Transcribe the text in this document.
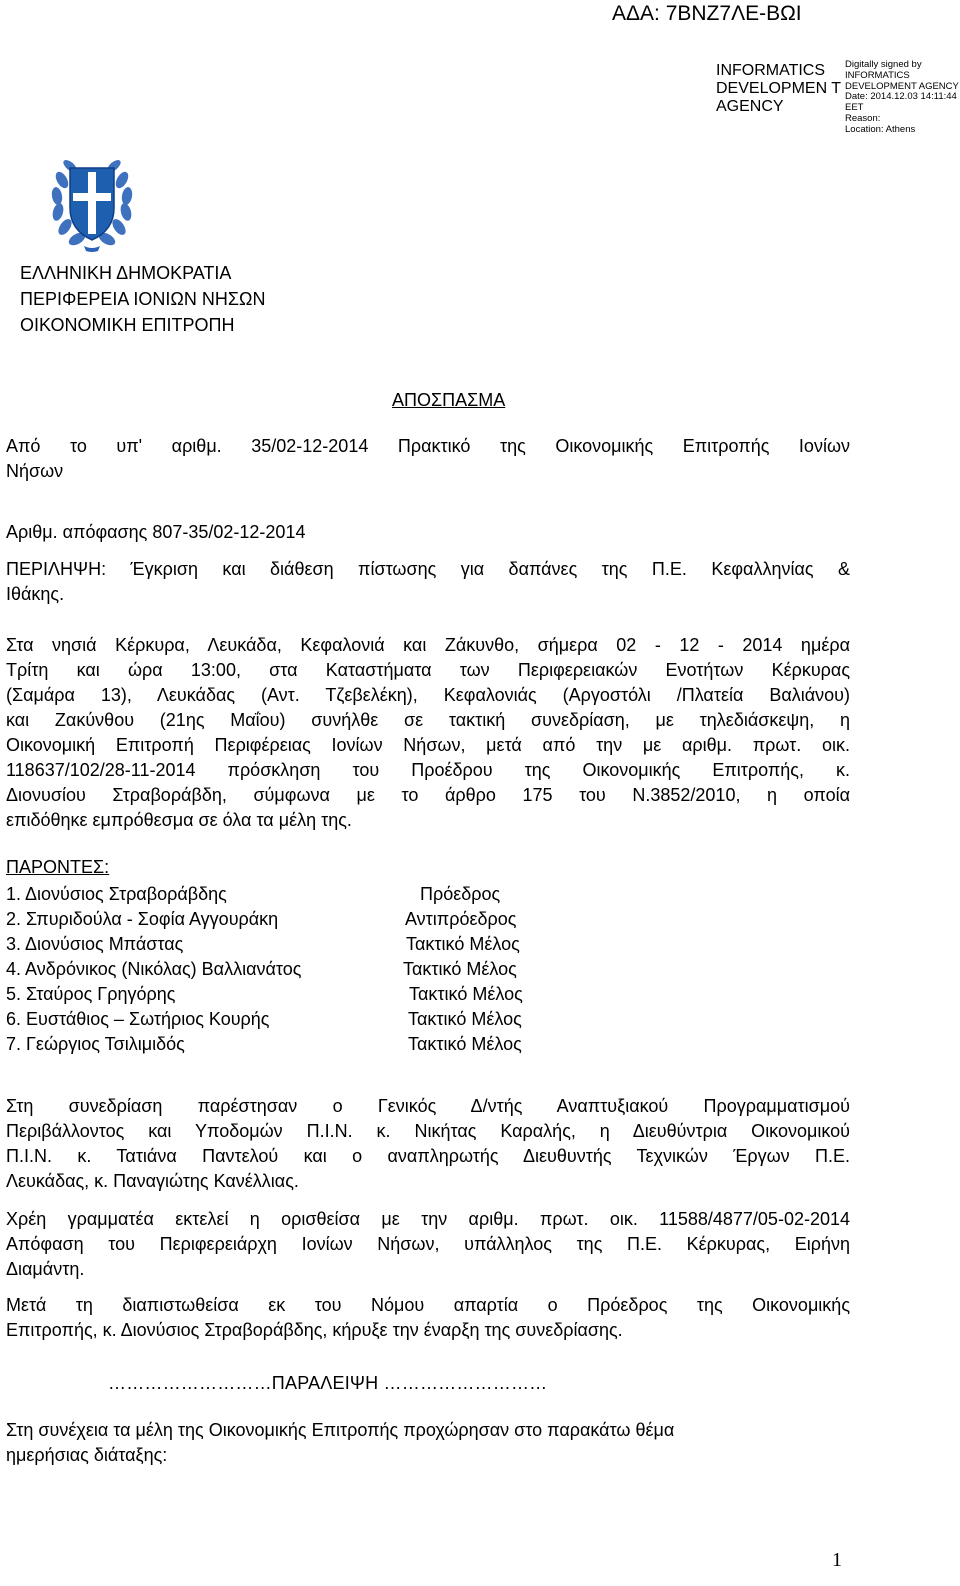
ΑΔΑ: 7ΒΝΖ7ΛΕ-ΒΩΙ
INFORMATICS DEVELOPMEN T AGENCY
Digitally signed by
INFORMATICS
DEVELOPMENT AGENCY
Date: 2014.12.03 14:11:44
EET
Reason:
Location: Athens
ΕΛΛΗΝΙΚΗ ΔΗΜΟΚΡΑΤΙΑ
ΠΕΡΙΦΕΡΕΙΑ ΙΟΝΙΩΝ ΝΗΣΩΝ
ΟΙΚΟΝΟΜΙΚΗ ΕΠΙΤΡΟΠΗ
ΑΠΟΣΠΑΣΜΑ
Από το υπ' αριθμ. 35/02-12-2014 Πρακτικό της Οικονομικής Επιτροπής Ιονίων
Νήσων
Αριθμ. απόφασης 807-35/02-12-2014
ΠΕΡΙΛΗΨΗ: Έγκριση και διάθεση πίστωσης για δαπάνες της Π.Ε. Κεφαλληνίας &
Ιθάκης.
Στα νησιά Κέρκυρα, Λευκάδα, Κεφαλονιά και Ζάκυνθο, σήμερα 02 - 12 - 2014 ημέρα
Τρίτη και ώρα 13:00, στα Καταστήματα των Περιφερειακών Ενοτήτων Κέρκυρας
(Σαμάρα 13), Λευκάδας (Αντ. Τζεβελέκη), Κεφαλονιάς (Αργοστόλι /Πλατεία Βαλιάνου)
και Ζακύνθου (21ης Μαΐου) συνήλθε σε τακτική συνεδρίαση, με τηλεδιάσκεψη, η
Οικονομική Επιτροπή Περιφέρειας Ιονίων Νήσων, μετά από την με αριθμ. πρωτ. οικ.
118637/102/28-11-2014 πρόσκληση του Προέδρου της Οικονομικής Επιτροπής, κ.
Διονυσίου Στραβοράβδη, σύμφωνα με το άρθρο 175 του Ν.3852/2010, η οποία
επιδόθηκε εμπρόθεσμα σε όλα τα μέλη της.
ΠΑΡΟΝΤΕΣ:
1. Διονύσιος Στραβοράβδης	Πρόεδρος
2. Σπυριδούλα - Σοφία Αγγουράκη	Αντιπρόεδρος
3. Διονύσιος Μπάστας	Τακτικό Μέλος
4. Ανδρόνικος (Νικόλας) Βαλλιανάτος	Τακτικό Μέλος
5. Σταύρος Γρηγόρης	Τακτικό Μέλος
6. Ευστάθιος – Σωτήριος Κουρής	Τακτικό Μέλος
7. Γεώργιος Τσιλιμιδός	Τακτικό Μέλος
Στη συνεδρίαση παρέστησαν ο Γενικός Δ/ντής Αναπτυξιακού Προγραμματισμού
Περιβάλλοντος και Υποδομών Π.Ι.Ν. κ. Νικήτας Καραλής, η Διευθύντρια Οικονομικού
Π.Ι.Ν. κ. Τατιάνα Παντελού και ο αναπληρωτής Διευθυντής Τεχνικών Έργων Π.Ε.
Λευκάδας, κ. Παναγιώτης Κανέλλιας.
Χρέη γραμματέα εκτελεί η ορισθείσα με την αριθμ. πρωτ. οικ. 11588/4877/05-02-2014
Απόφαση του Περιφερειάρχη Ιονίων Νήσων, υπάλληλος της Π.Ε. Κέρκυρας, Ειρήνη
Διαμάντη.
Μετά τη διαπιστωθείσα εκ του Νόμου απαρτία ο Πρόεδρος της Οικονομικής
Επιτροπής, κ. Διονύσιος Στραβοράβδης, κήρυξε την έναρξη της συνεδρίασης.
………………………ΠΑΡΑΛΕΙΨΗ ………………………
Στη συνέχεια τα μέλη της Οικονομικής Επιτροπής προχώρησαν στο παρακάτω θέμα
ημερήσιας διάταξης:
1
